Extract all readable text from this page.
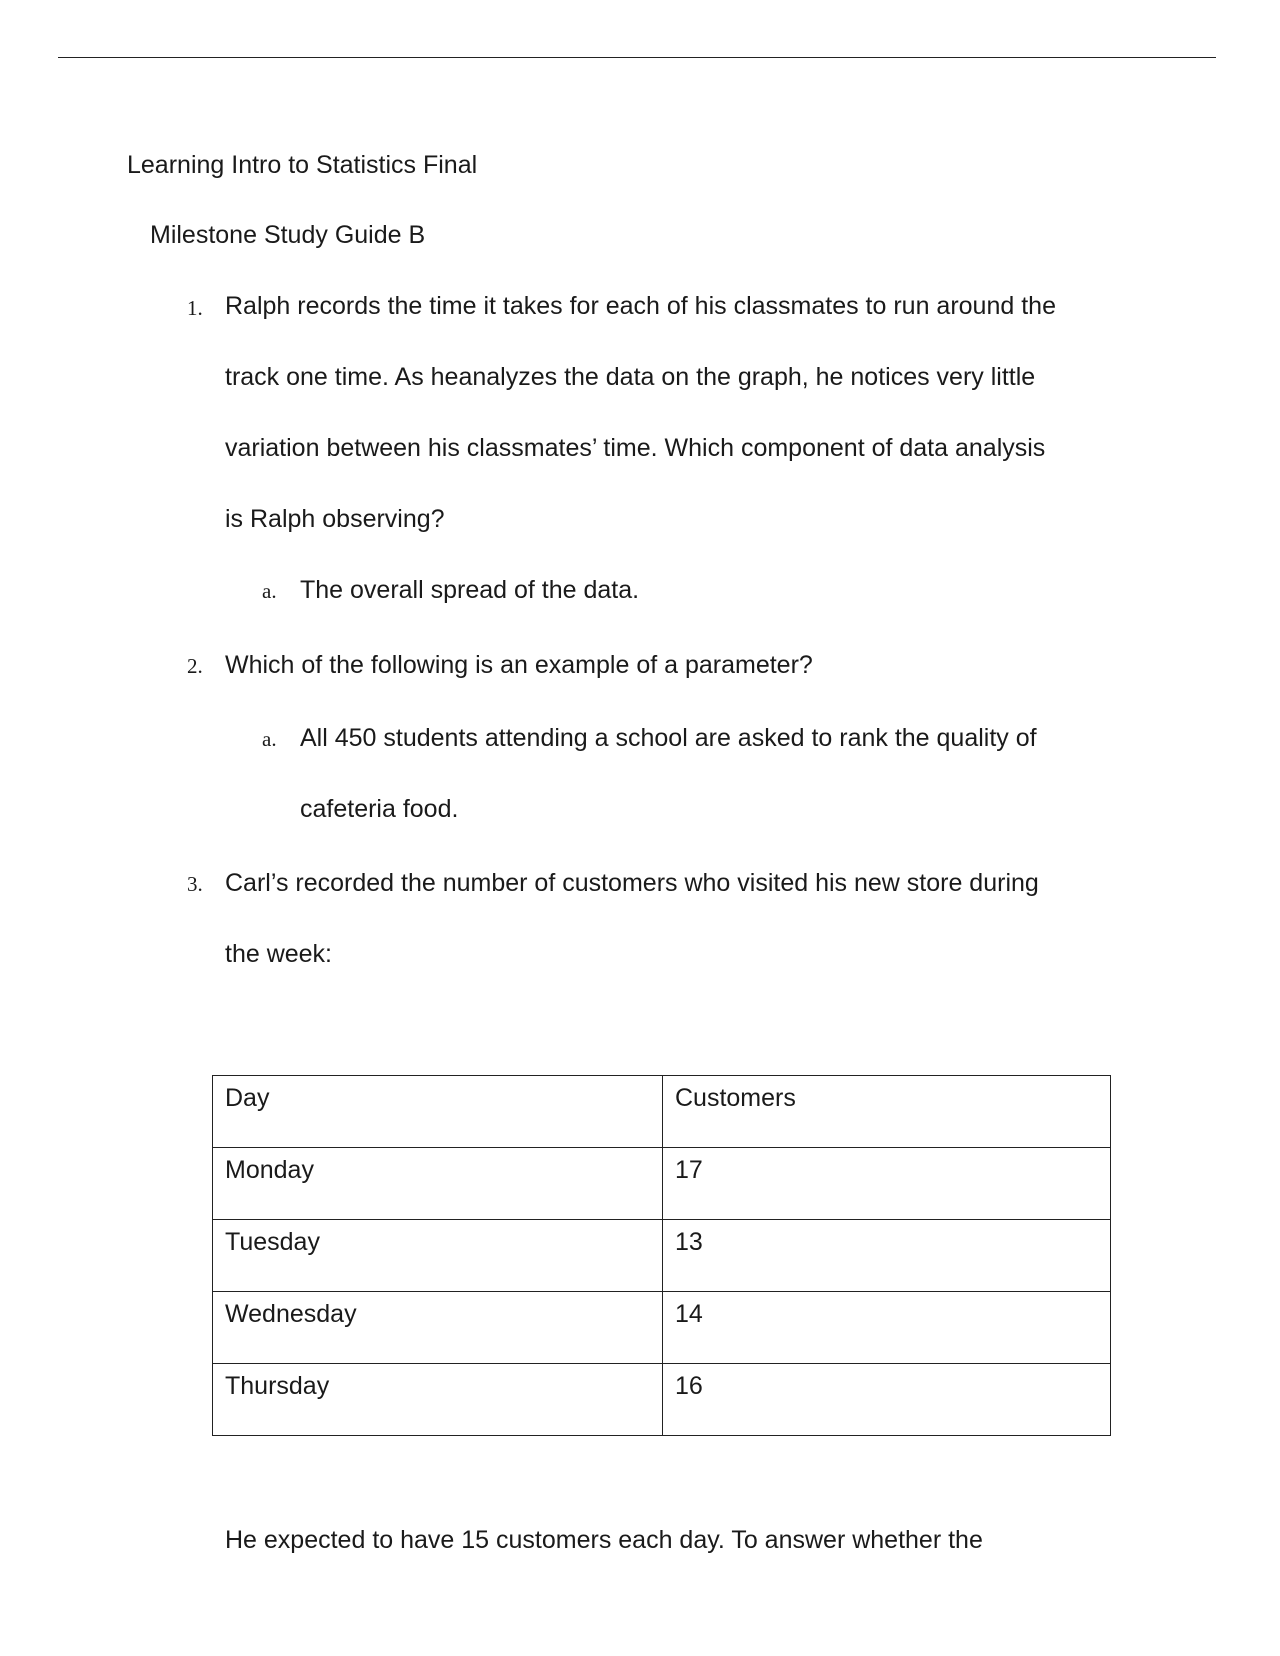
Learning Intro to Statistics Final
Milestone Study Guide B
1. Ralph records the time it takes for each of his classmates to run around the
track one time. As heanalyzes the data on the graph, he notices very little
variation between his classmates’ time. Which component of data analysis
is Ralph observing?
a. The overall spread of the data.
2. Which of the following is an example of a parameter?
a. All 450 students attending a school are asked to rank the quality of
cafeteria food.
3. Carl’s recorded the number of customers who visited his new store during
the week:
Day	Customers

Monday	17

Tuesday	13

Wednesday	14

Thursday	16
He expected to have 15 customers each day. To answer whether the
